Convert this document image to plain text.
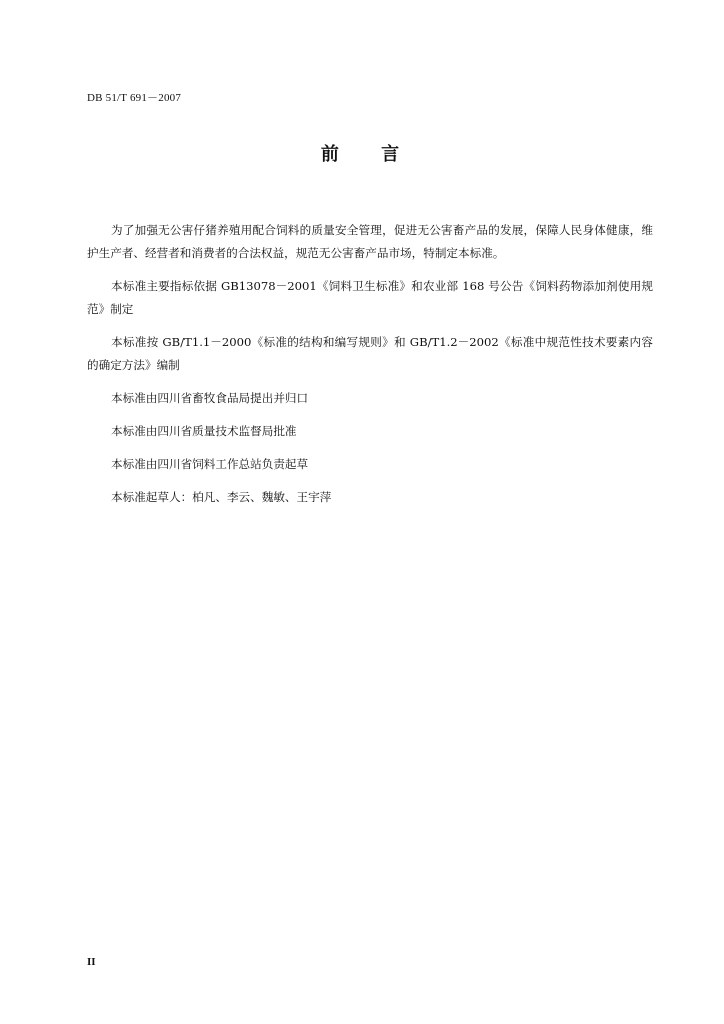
DB 51/T 691－2007
前 言

为了加强无公害仔猪养殖用配合饲料的质量安全管理，促进无公害畜产品的发展，保障人民身体健康，维护生产者、经营者和消费者的合法权益，规范无公害畜产品市场，特制定本标准。

本标准主要指标依据 GB13078－2001《饲料卫生标准》和农业部 168 号公告《饲料药物添加剂使用规范》制定

本标准按 GB/T1.1－2000《标准的结构和编写规则》和 GB/T1.2－2002《标准中规范性技术要素内容的确定方法》编制

本标准由四川省畜牧食品局提出并归口

本标准由四川省质量技术监督局批准

本标准由四川省饲料工作总站负责起草

本标准起草人：柏凡、李云、魏敏、王宇萍

II
